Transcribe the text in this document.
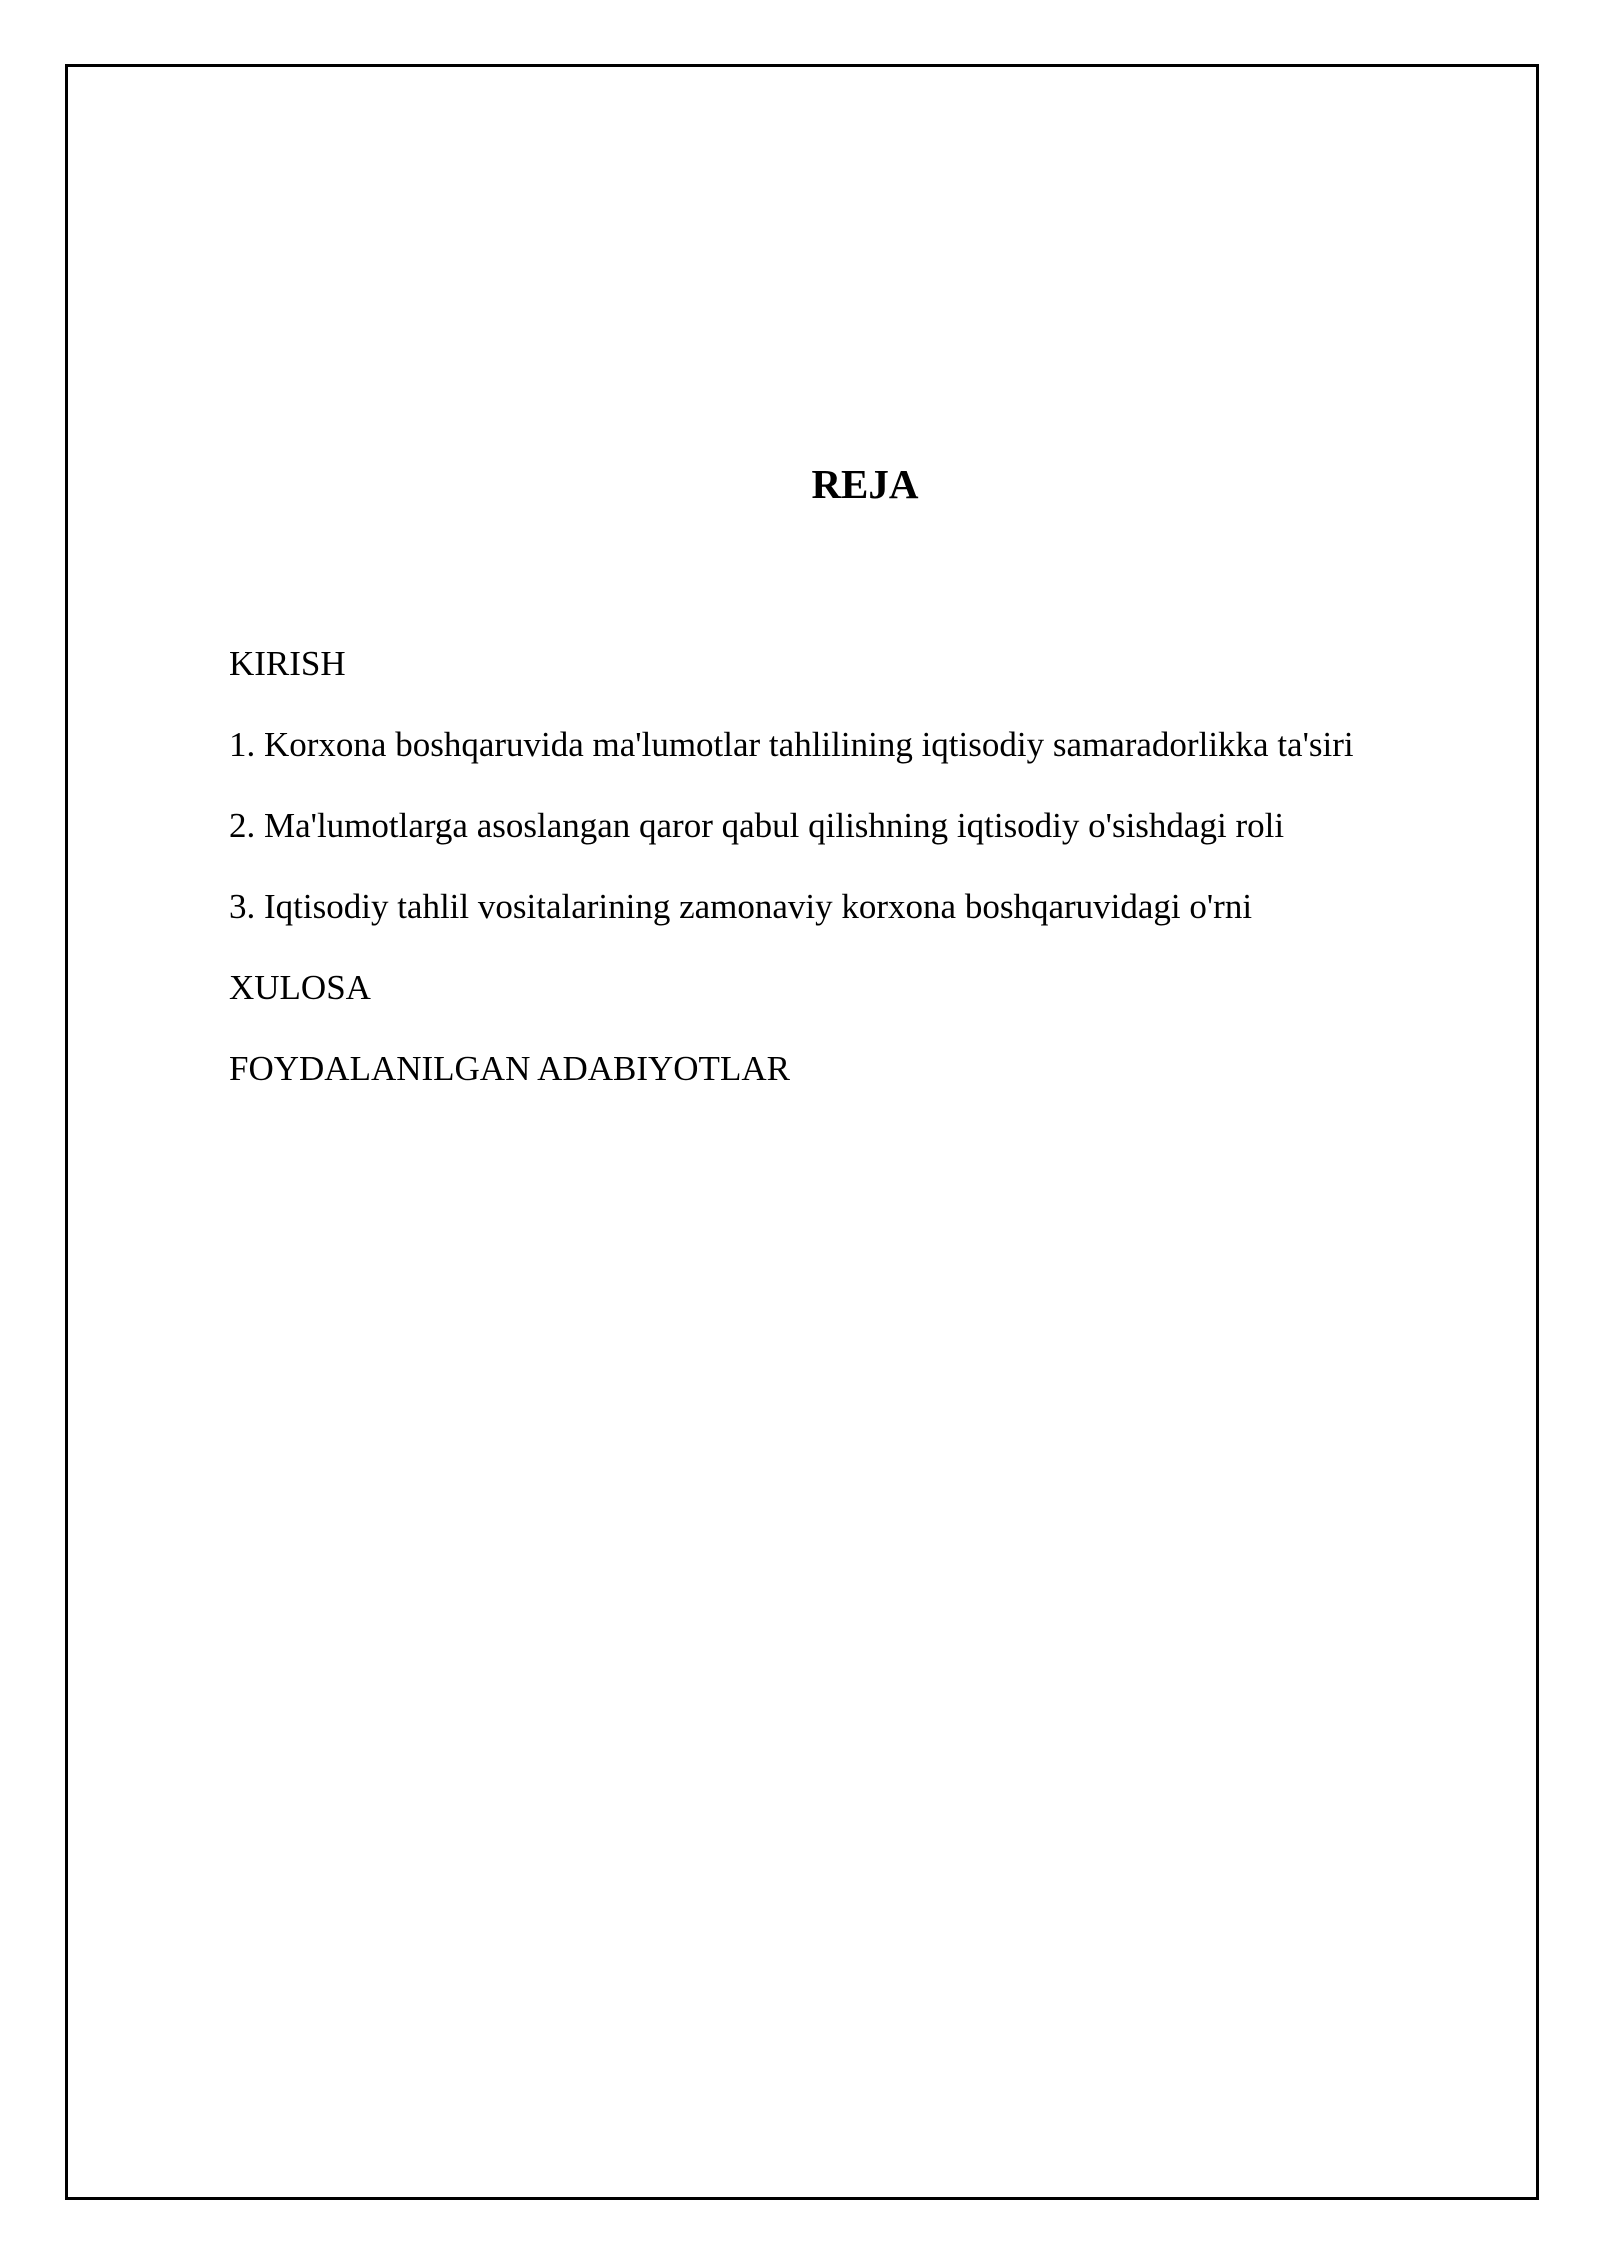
REJA
KIRISH
1. Korxona boshqaruvida ma'lumotlar tahlilining iqtisodiy samaradorlikka ta'siri
2. Ma'lumotlarga asoslangan qaror qabul qilishning iqtisodiy o'sishdagi roli
3. Iqtisodiy tahlil vositalarining zamonaviy korxona boshqaruvidagi o'rni
XULOSA
FOYDALANILGAN ADABIYOTLAR
